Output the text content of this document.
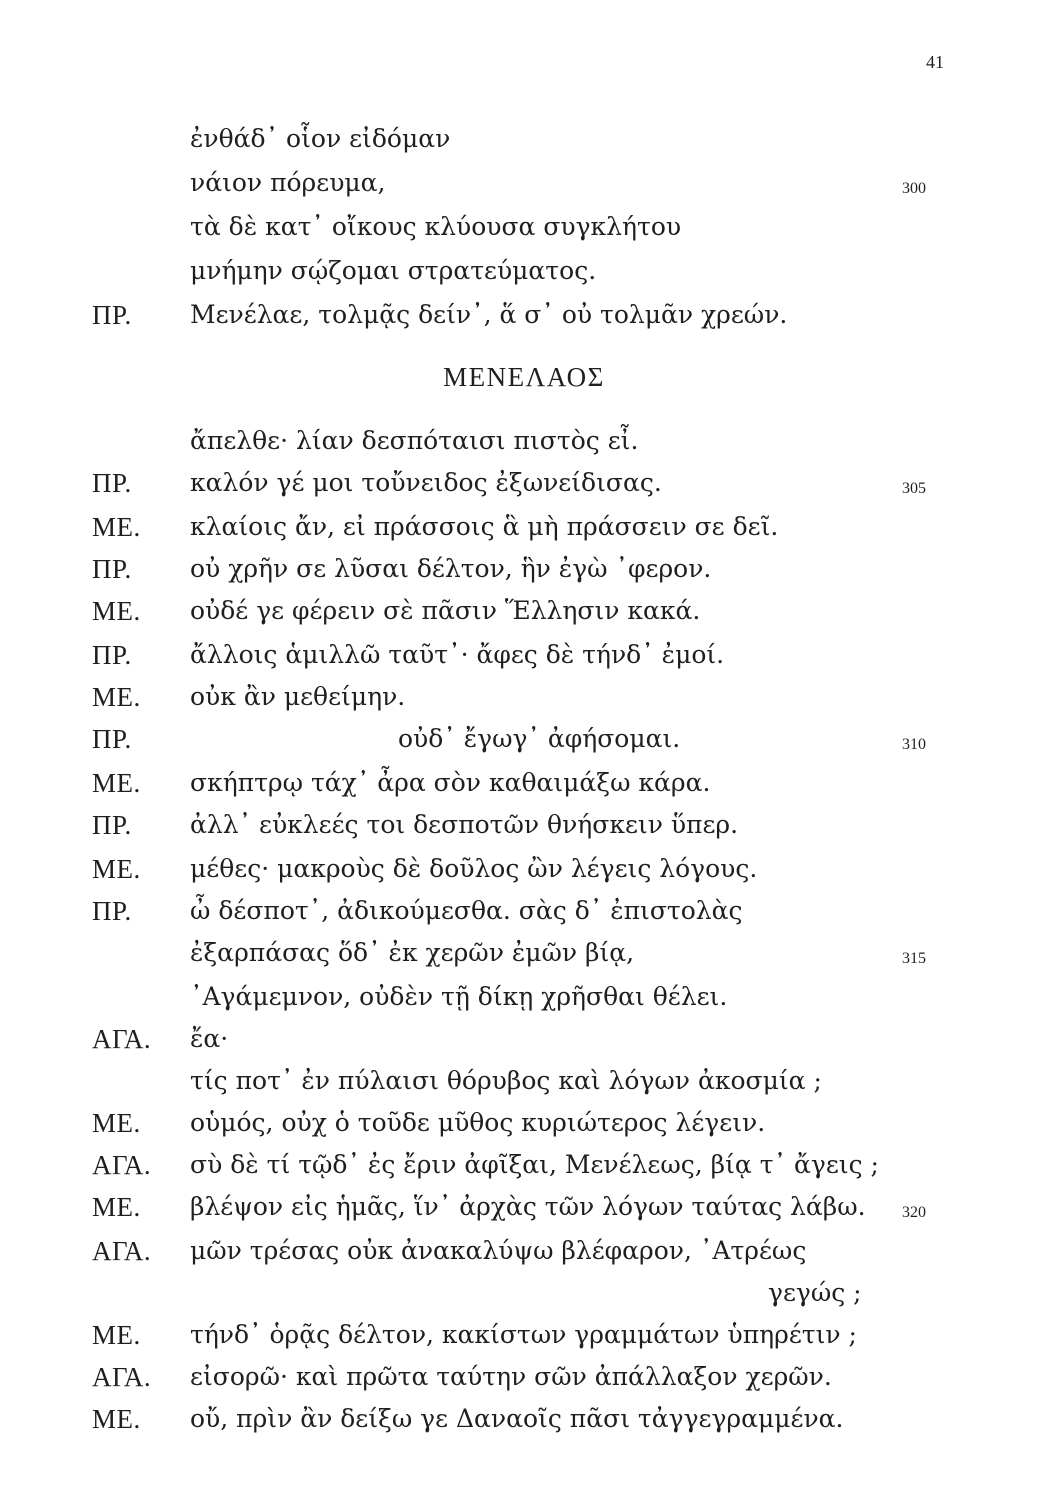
41
ΜΕΝΕΛΑΟΣ
ἐνθάδ᾽ οἷον εἰδόμαν
νάιον πόρευμα,	300
τὰ δὲ κατ᾽ οἴκους κλύουσα συγκλήτου
μνήμην σῴζομαι στρατεύματος.
ΠΡ. Μενέλαε, τολμᾷς δείν᾽, ἅ σ᾽ οὐ τολμᾶν χρεών.
ἄπελθε· λίαν δεσπόταισι πιστὸς εἶ.
ΠΡ. καλόν γέ μοι τοὔνειδος ἐξωνείδισας.	305
ΜΕ. κλαίοις ἄν, εἰ πράσσοις ἃ μὴ πράσσειν σε δεῖ.
ΠΡ. οὐ χρῆν σε λῦσαι δέλτον, ἣν ἐγὼ ᾿φερον.
ΜΕ. οὐδέ γε φέρειν σὲ πᾶσιν Ἕλλησιν κακά.
ΠΡ. ἄλλοις ἁμιλλῶ ταῦτ᾽· ἄφες δὲ τήνδ᾽ ἐμοί.
ΜΕ. οὐκ ἂν μεθείμην.
ΠΡ.	οὐδ᾽ ἔγωγ᾽ ἀφήσομαι.	310
ΜΕ. σκήπτρῳ τάχ᾽ ἆρα σὸν καθαιμάξω κάρα.
ΠΡ. ἀλλ᾽ εὐκλεές τοι δεσποτῶν θνήσκειν ὕπερ.
ΜΕ. μέθες· μακροὺς δὲ δοῦλος ὢν λέγεις λόγους.
ΠΡ. ὦ δέσποτ᾽, ἀδικούμεσθα. σὰς δ᾽ ἐπιστολὰς
ἐξαρπάσας ὅδ᾽ ἐκ χερῶν ἐμῶν βίᾳ,	315
᾿Αγάμεμνον, οὐδὲν τῇ δίκῃ χρῆσθαι θέλει.
ΑΓΑ. ἔα·
τίς ποτ᾽ ἐν πύλαισι θόρυβος καὶ λόγων ἀκοσμία ;
ΜΕ. οὑμός, οὐχ ὁ τοῦδε μῦθος κυριώτερος λέγειν.
ΑΓΑ. σὺ δὲ τί τῷδ᾽ ἐς ἔριν ἀφῖξαι, Μενέλεως, βίᾳ τ᾽ ἄγεις ;
ΜΕ. βλέψον εἰς ἡμᾶς, ἵν᾽ ἀρχὰς τῶν λόγων ταύτας λάβω. 320
ΑΓΑ. μῶν τρέσας οὐκ ἀνακαλύψω βλέφαρον, ᾿Ατρέως
γεγώς ;
ΜΕ. τήνδ᾽ ὁρᾷς δέλτον, κακίστων γραμμάτων ὑπηρέτιν ;
ΑΓΑ. εἰσορῶ· καὶ πρῶτα ταύτην σῶν ἀπάλλαξον χερῶν.
ΜΕ. οὔ, πρὶν ἂν δείξω γε Δαναοῖς πᾶσι τἀγγεγραμμένα.
